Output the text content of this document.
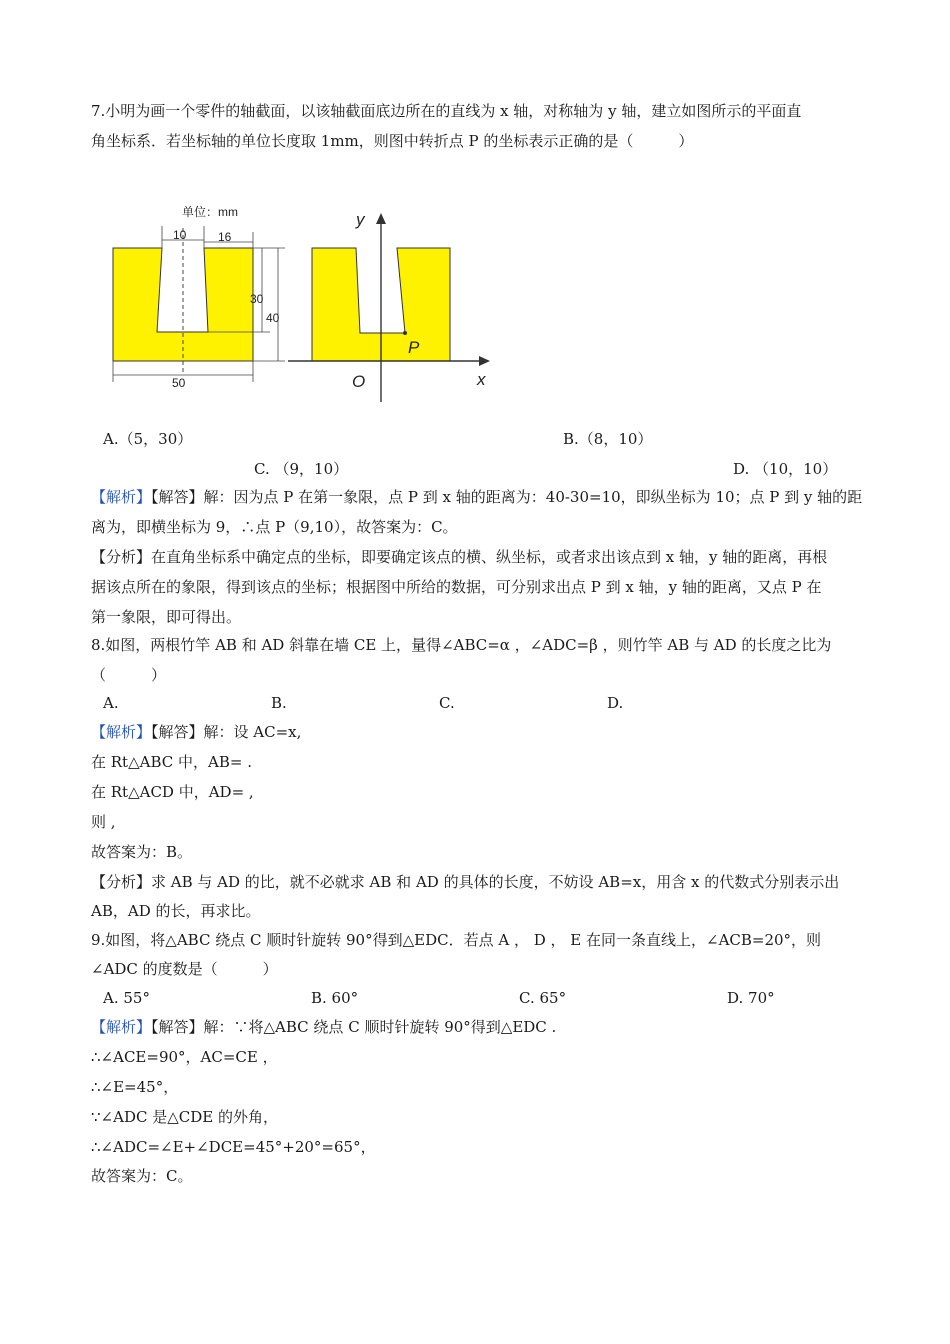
7.小明为画一个零件的轴截面，以该轴截面底边所在的直线为 x 轴，对称轴为 y 轴，建立如图所示的平面直
角坐标系．若坐标轴的单位长度取 1mm，则图中转折点 P 的坐标表示正确的是（　　　）
单位：mm
10	16
30
40
50
y
x
O
P
A.（5，30）	B.（8，10）
C. （9，10）	D. （10，10）
【解析】【解答】解：因为点 P 在第一象限，点 P 到 x 轴的距离为：40-30=10，即纵坐标为 10；点 P 到 y 轴的距
离为，即横坐标为 9，∴点 P（9,10），故答案为：C。
【分析】在直角坐标系中确定点的坐标，即要确定该点的横、纵坐标，或者求出该点到 x 轴，y 轴的距离，再根
据该点所在的象限，得到该点的坐标；根据图中所给的数据，可分别求出点 P 到 x 轴，y 轴的距离，又点 P 在
第一象限，即可得出。
8.如图，两根竹竿 AB 和 AD 斜靠在墙 CE 上，量得∠ABC=α ，∠ADC=β ，则竹竿 AB 与 AD 的长度之比为
（　　　）
A.	B.	C.	D.
【解析】【解答】解：设 AC=x,
在 Rt△ABC 中，AB= .
在 Rt△ACD 中，AD= ,
则 ,
故答案为：B。
【分析】求 AB 与 AD 的比，就不必就求 AB 和 AD 的具体的长度，不妨设 AB=x，用含 x 的代数式分别表示出
AB，AD 的长，再求比。
9.如图，将△ABC 绕点 C 顺时针旋转 90°得到△EDC．若点 A ， D ， E 在同一条直线上，∠ACB=20°，则
∠ADC 的度数是（　　　）
A. 55°	B. 60°	C. 65°	D. 70°
【解析】【解答】解：∵将△ABC 绕点 C 顺时针旋转 90°得到△EDC .
∴∠ACE=90°，AC=CE ，
∴∠E=45°，
∵∠ADC 是△CDE 的外角，
∴∠ADC=∠E+∠DCE=45°+20°=65°，
故答案为：C。
